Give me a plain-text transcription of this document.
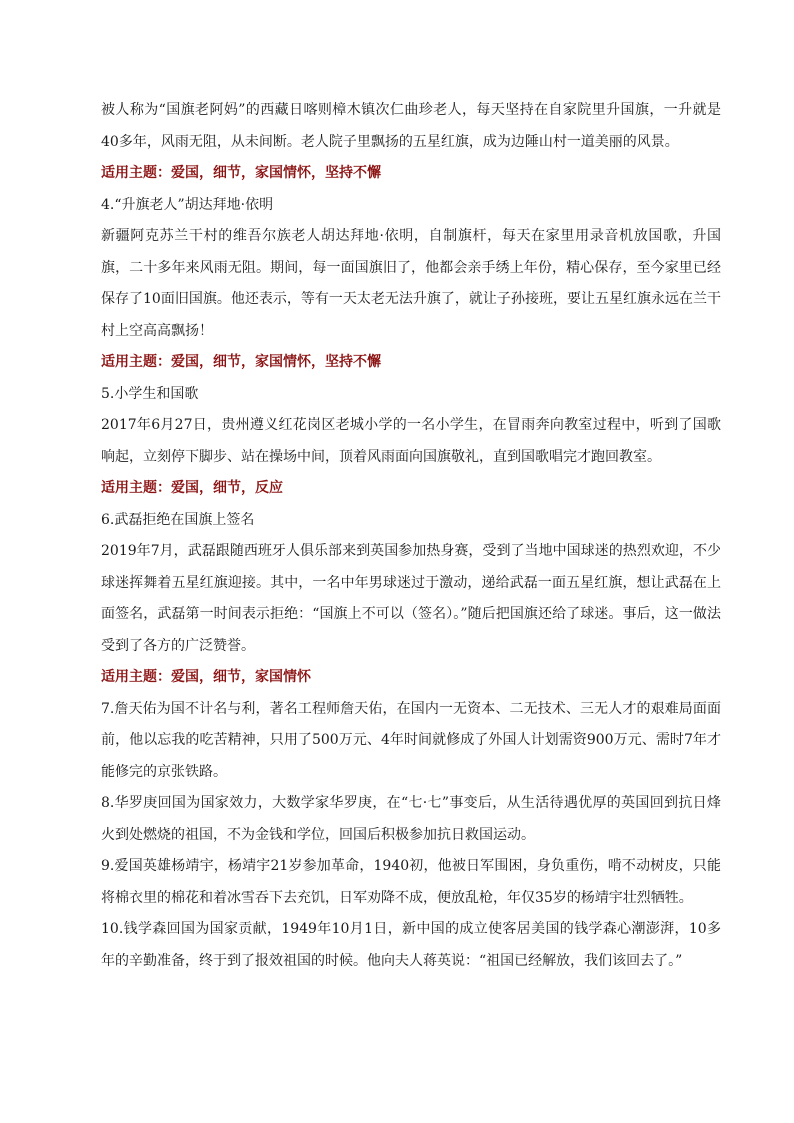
被人称为“国旗老阿妈”的西藏日喀则樟木镇次仁曲珍老人，每天坚持在自家院里升国旗，一升就是40多年，风雨无阻，从未间断。老人院子里飘扬的五星红旗，成为边陲山村一道美丽的风景。

适用主题：爱国，细节，家国情怀，坚持不懈

4.“升旗老人”胡达拜地·依明

新疆阿克苏兰干村的维吾尔族老人胡达拜地·依明，自制旗杆，每天在家里用录音机放国歌，升国旗，二十多年来风雨无阻。期间，每一面国旗旧了，他都会亲手绣上年份，精心保存，至今家里已经保存了10面旧国旗。他还表示，等有一天太老无法升旗了，就让子孙接班，要让五星红旗永远在兰干村上空高高飘扬！

适用主题：爱国，细节，家国情怀，坚持不懈

5.小学生和国歌

2017年6月27日，贵州遵义红花岗区老城小学的一名小学生，在冒雨奔向教室过程中，听到了国歌响起，立刻停下脚步、站在操场中间，顶着风雨面向国旗敬礼，直到国歌唱完才跑回教室。

适用主题：爱国，细节，反应

6.武磊拒绝在国旗上签名

2019年7月，武磊跟随西班牙人俱乐部来到英国参加热身赛，受到了当地中国球迷的热烈欢迎，不少球迷挥舞着五星红旗迎接。其中，一名中年男球迷过于激动，递给武磊一面五星红旗，想让武磊在上面签名，武磊第一时间表示拒绝：“国旗上不可以（签名）。”随后把国旗还给了球迷。事后，这一做法受到了各方的广泛赞誉。

适用主题：爱国，细节，家国情怀

7.詹天佑为国不计名与利，著名工程师詹天佑，在国内一无资本、二无技术、三无人才的艰难局面面前，他以忘我的吃苦精神，只用了500万元、4年时间就修成了外国人计划需资900万元、需时7年才能修完的京张铁路。

8.华罗庚回国为国家效力，大数学家华罗庚，在“七·七”事变后，从生活待遇优厚的英国回到抗日烽火到处燃烧的祖国，不为金钱和学位，回国后积极参加抗日救国运动。

9.爱国英雄杨靖宇，杨靖宇21岁参加革命，1940初，他被日军围困，身负重伤，啃不动树皮，只能将棉衣里的棉花和着冰雪吞下去充饥，日军劝降不成，便放乱枪，年仅35岁的杨靖宇壮烈牺牲。

10.钱学森回国为国家贡献，1949年10月1日，新中国的成立使客居美国的钱学森心潮澎湃，10多年的辛勤准备，终于到了报效祖国的时候。他向夫人蒋英说：“祖国已经解放，我们该回去了。”
